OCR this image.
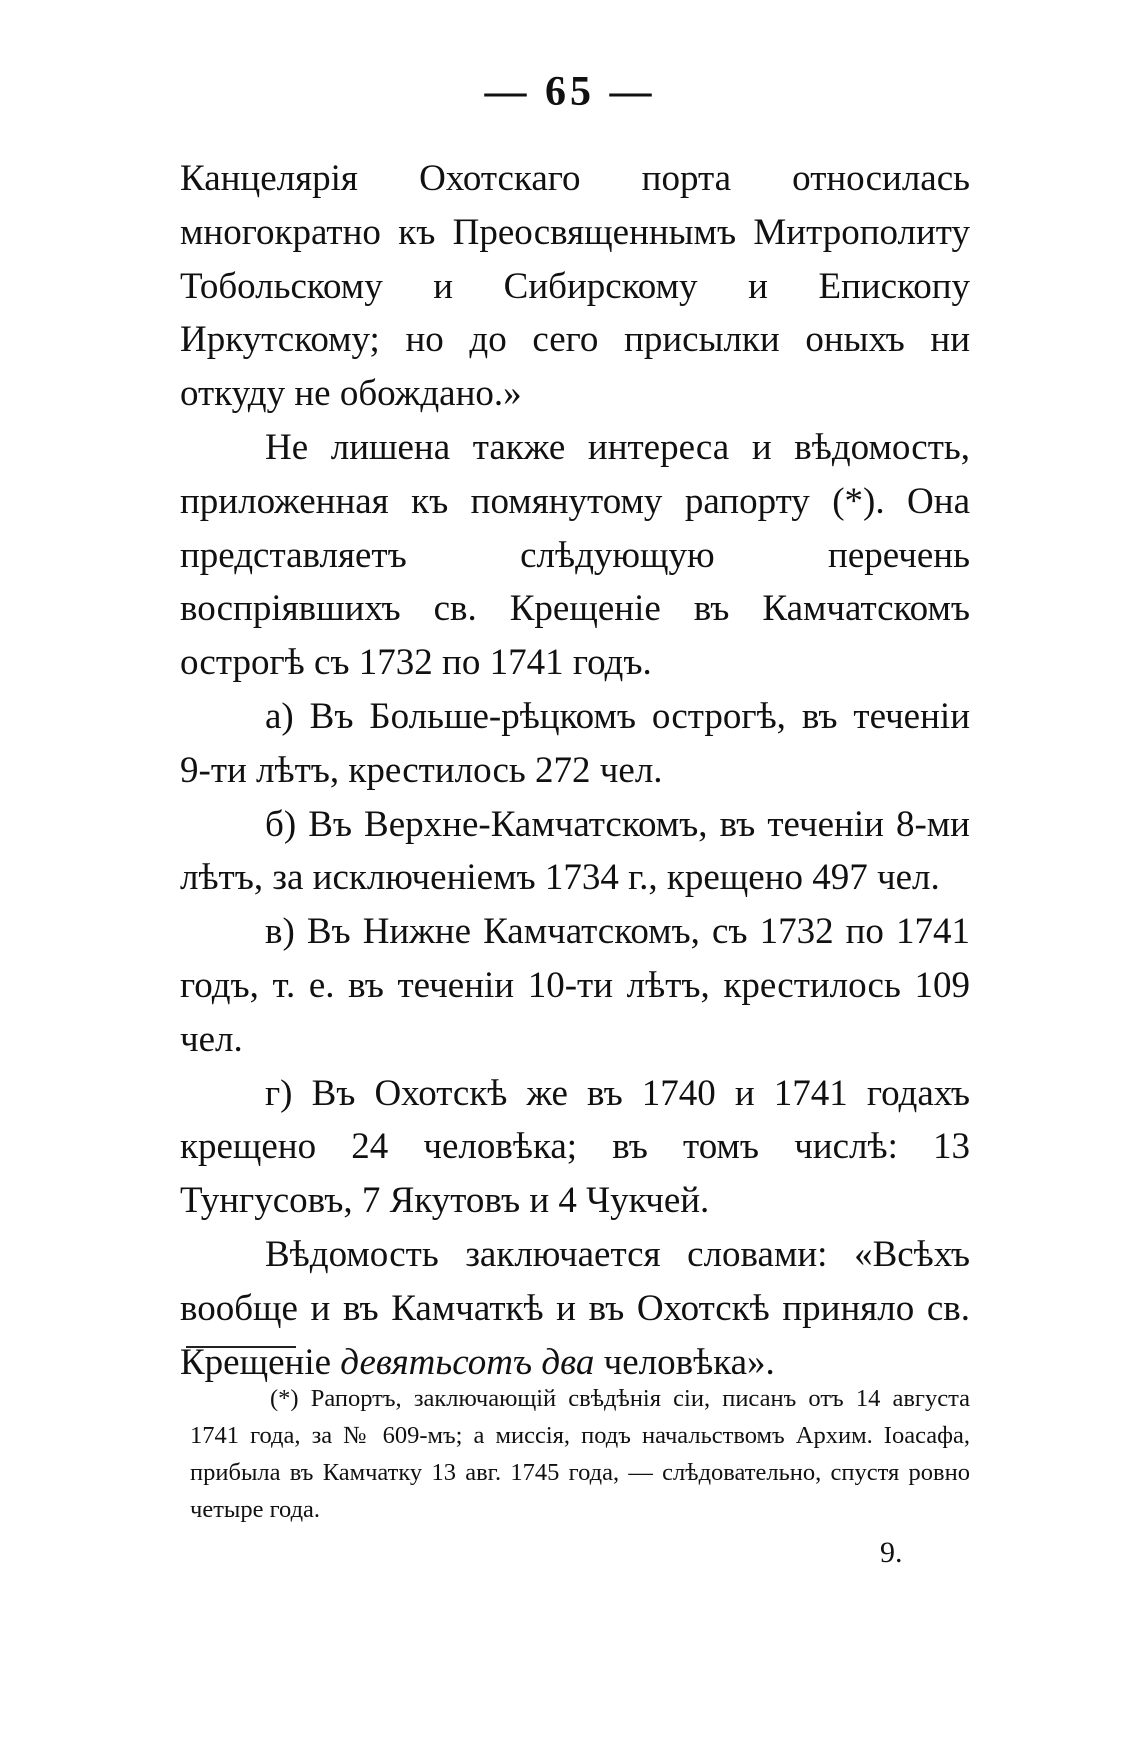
— 65 —

Канцелярія Охотскаго порта относилась многократно къ Преосвященнымъ Митрополиту Тобольскому и Сибирскому и Епископу Иркутскому; но до сего присылки оныхъ ни откуду не обождано.»

Не лишена также интереса и вѣдомость, приложенная къ помянутому рапорту (*). Она представляетъ слѣдующую перечень воспріявшихъ св. Крещеніе въ Камчатскомъ острогѣ съ 1732 по 1741 годъ.

а) Въ Больше-рѣцкомъ острогѣ, въ теченіи 9-ти лѣтъ, крестилось 272 чел.

б) Въ Верхне-Камчатскомъ, въ теченіи 8-ми лѣтъ, за исключеніемъ 1734 г., крещено 497 чел.

в) Въ Нижне Камчатскомъ, съ 1732 по 1741 годъ, т. е. въ теченіи 10-ти лѣтъ, крестилось 109 чел.

г) Въ Охотскѣ же въ 1740 и 1741 годахъ крещено 24 человѣка; въ томъ числѣ: 13 Тунгусовъ, 7 Якутовъ и 4 Чукчей.

Вѣдомость заключается словами: «Всѣхъ вообще и въ Камчаткѣ и въ Охотскѣ приняло св. Крещеніе девятьсотъ два человѣка».

(*) Рапортъ, заключающій свѣдѣнія сіи, писанъ отъ 14 августа 1741 года, за № 609-мъ; а миссія, подъ начальствомъ Архим. Іоасафа, прибыла въ Камчатку 13 авг. 1745 года, — слѣдовательно, спустя ровно четыре года.
9.
